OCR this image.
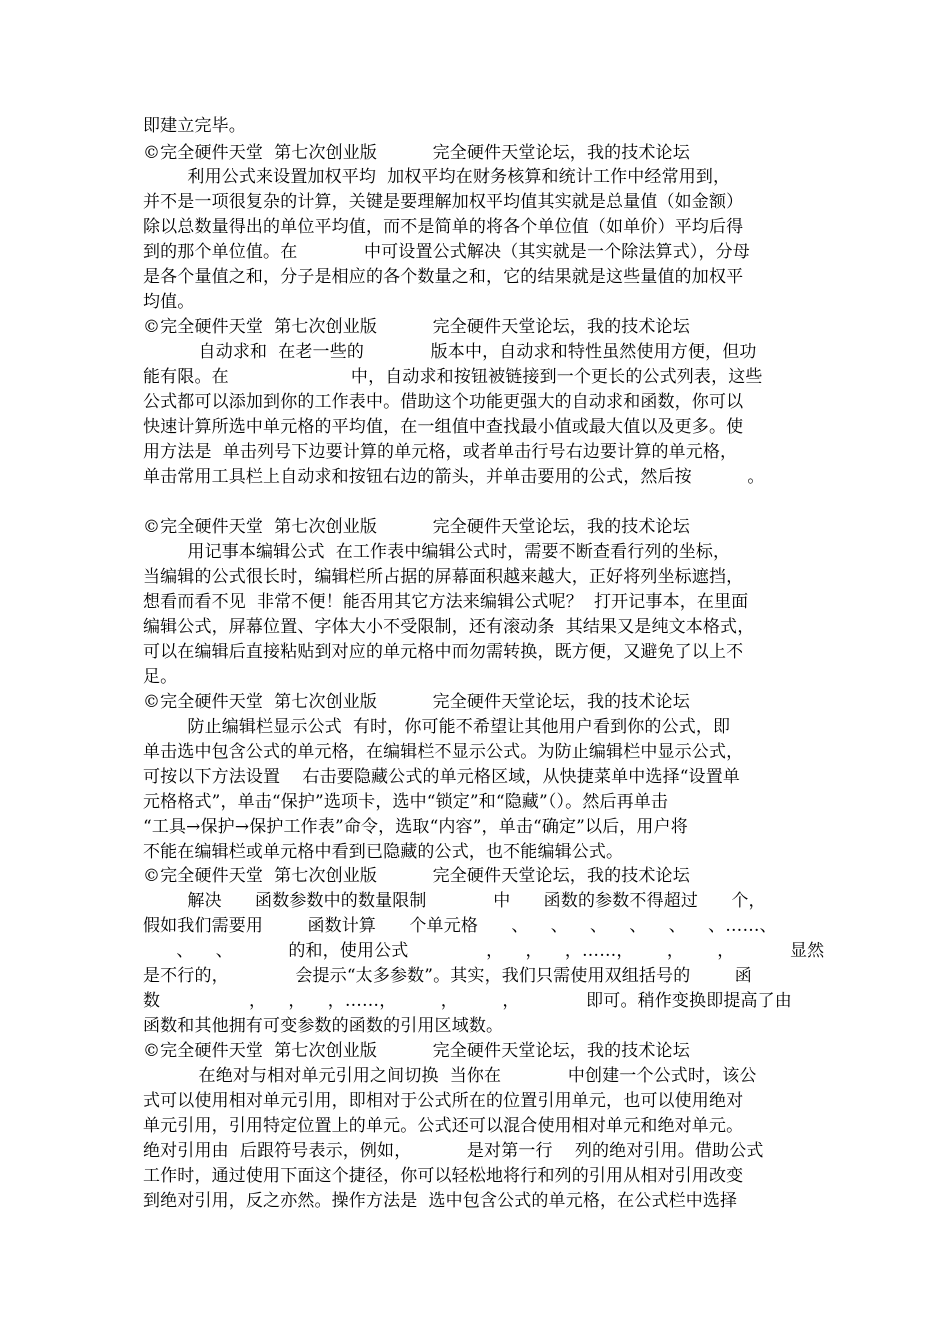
即建立完毕。

©完全硬件天堂  第七次创业版          完全硬件天堂论坛，我的技术论坛

利用公式来设置加权平均  加权平均在财务核算和统计工作中经常用到，

并不是一项很复杂的计算，关键是要理解加权平均值其实就是总量值（如金额）

除以总数量得出的单位平均值，而不是简单的将各个单位值（如单价）平均后得

到的那个单位值。在            中可设置公式解决（其实就是一个除法算式），分母

是各个量值之和，分子是相应的各个数量之和，它的结果就是这些量值的加权平

均值。

©完全硬件天堂  第七次创业版          完全硬件天堂论坛，我的技术论坛

自动求和  在老一些的            版本中，自动求和特性虽然使用方便，但功

能有限。在                      中，自动求和按钮被链接到一个更长的公式列表，这些

公式都可以添加到你的工作表中。借助这个功能更强大的自动求和函数，你可以

快速计算所选中单元格的平均值，在一组值中查找最小值或最大值以及更多。使

用方法是  单击列号下边要计算的单元格，或者单击行号右边要计算的单元格，

单击常用工具栏上自动求和按钮右边的箭头，并单击要用的公式，然后按          。

©完全硬件天堂  第七次创业版          完全硬件天堂论坛，我的技术论坛

用记事本编辑公式  在工作表中编辑公式时，需要不断查看行列的坐标，

当编辑的公式很长时，编辑栏所占据的屏幕面积越来越大，正好将列坐标遮挡，

想看而看不见  非常不便！能否用其它方法来编辑公式呢？  打开记事本，在里面

编辑公式，屏幕位置、字体大小不受限制，还有滚动条  其结果又是纯文本格式，

可以在编辑后直接粘贴到对应的单元格中而勿需转换，既方便，又避免了以上不

足。

©完全硬件天堂  第七次创业版          完全硬件天堂论坛，我的技术论坛

防止编辑栏显示公式  有时，你可能不希望让其他用户看到你的公式，即

单击选中包含公式的单元格，在编辑栏不显示公式。为防止编辑栏中显示公式，

可按以下方法设置    右击要隐藏公式的单元格区域，从快捷菜单中选择“设置单

元格格式”，单击“保护”选项卡，选中“锁定”和“隐藏”（）。然后再单击

“工具→保护→保护工作表”命令，选取“内容”，单击“确定”以后，用户将

不能在编辑栏或单元格中看到已隐藏的公式，也不能编辑公式。

©完全硬件天堂  第七次创业版          完全硬件天堂论坛，我的技术论坛

解决      函数参数中的数量限制            中      函数的参数不得超过      个，

假如我们需要用        函数计算      个单元格      、    、    、    、    、    、……、

、    、          的和，使用公式              ，    ，    ，……，      ，      ，          显然

是不行的，            会提示“太多参数”。其实，我们只需使用双组括号的        函

数                ，    ，    ，……，        ，        ，            即可。稍作变换即提高了由

函数和其他拥有可变参数的函数的引用区域数。

©完全硬件天堂  第七次创业版          完全硬件天堂论坛，我的技术论坛

在绝对与相对单元引用之间切换  当你在            中创建一个公式时，该公

式可以使用相对单元引用，即相对于公式所在的位置引用单元，也可以使用绝对

单元引用，引用特定位置上的单元。公式还可以混合使用相对单元和绝对单元。

绝对引用由  后跟符号表示，例如，          是对第一行    列的绝对引用。借助公式

工作时，通过使用下面这个捷径，你可以轻松地将行和列的引用从相对引用改变

到绝对引用，反之亦然。操作方法是  选中包含公式的单元格，在公式栏中选择
